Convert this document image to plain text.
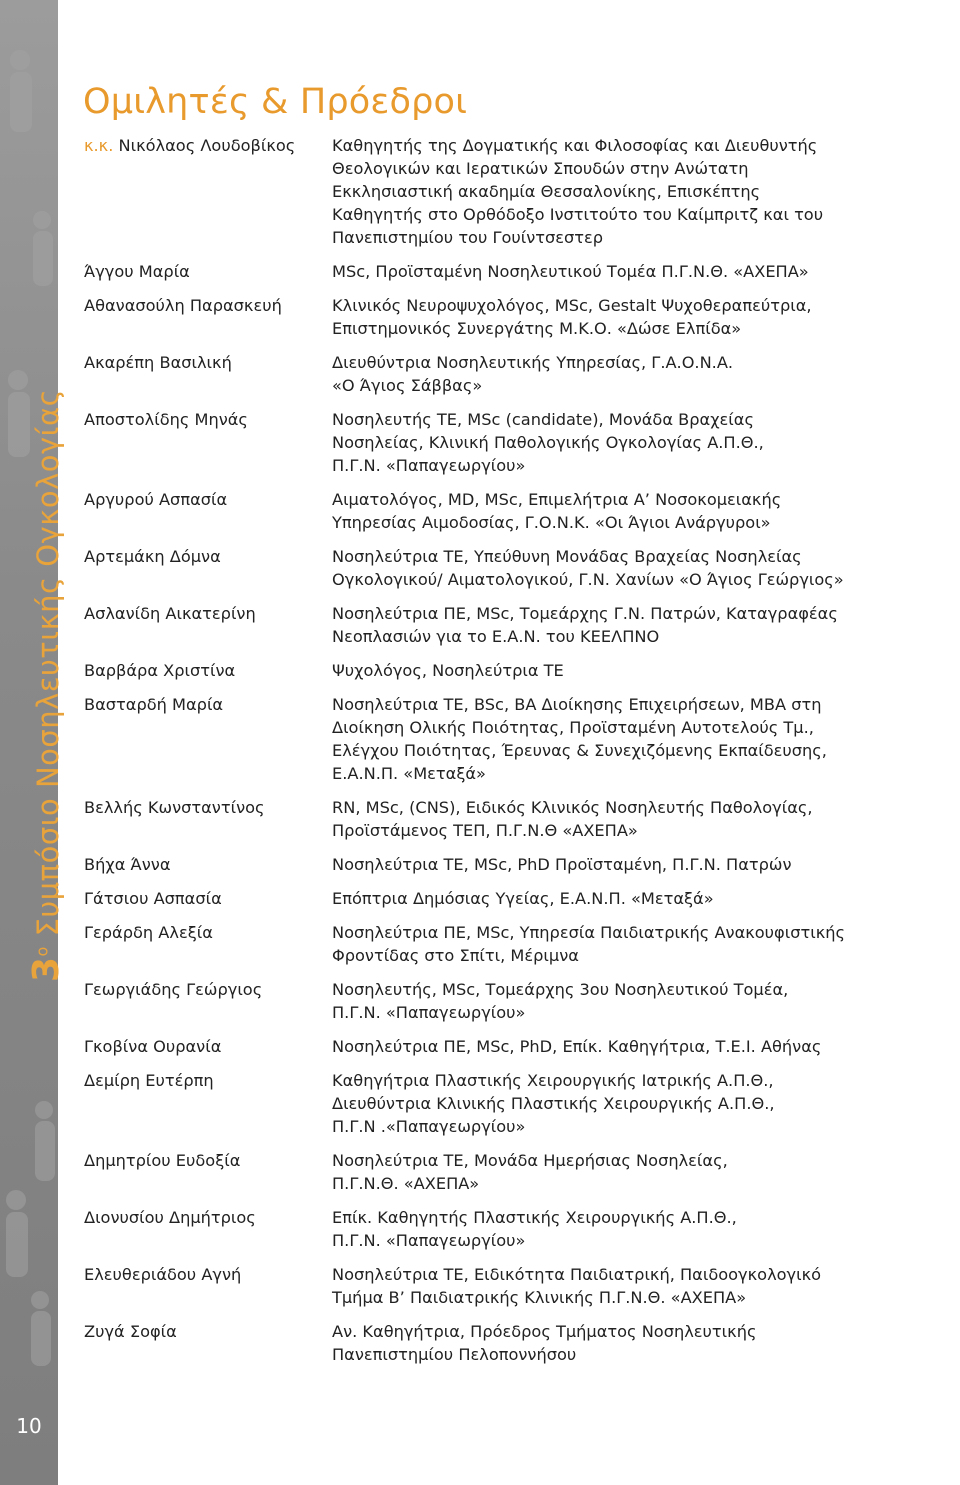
$3^o$ Συμπόσιο Νοσηλευτικής Ογκολογίας
10
Ομιλητές & Πρόεδροι
κ.κ. Νικόλαος Λουδοβίκος	Καθηγητής της Δογματικής και Φιλοσοφίας και Διευθυντής
Θεολογικών και Ιερατικών Σπουδών στην Ανώτατη
Εκκλησιαστική ακαδημία Θεσσαλονίκης, Επισκέπτης
Καθηγητής στο Ορθόδοξο Ινστιτούτο του Καίμπριτζ και του
Πανεπιστημίου του Γουίντσεστερ
Άγγου Μαρία	MSc, Προϊσταμένη Νοσηλευτικού Τομέα Π.Γ.Ν.Θ. «ΑΧΕΠΑ»
Αθανασούλη Παρασκευή	Κλινικός Νευροψυχολόγος, MSc, Gestalt Ψυχοθεραπεύτρια,
Επιστημονικός Συνεργάτης Μ.Κ.Ο. «Δώσε Ελπίδα»
Ακαρέπη Βασιλική	Διευθύντρια Νοσηλευτικής Υπηρεσίας, Γ.Α.Ο.Ν.Α.
«Ο Άγιος Σάββας»
Αποστολίδης Μηνάς	Νοσηλευτής ΤΕ, MSc (candidate), Μονάδα Βραχείας
Νοσηλείας, Κλινική Παθολογικής Ογκολογίας Α.Π.Θ.,
Π.Γ.Ν. «Παπαγεωργίου»
Αργυρού Ασπασία	Αιματολόγος, MD, MSc, Επιμελήτρια Α’ Νοσοκομειακής
Υπηρεσίας Αιμοδοσίας, Γ.Ο.Ν.Κ. «Οι Άγιοι Ανάργυροι»
Αρτεμάκη Δόμνα	Νοσηλεύτρια ΤΕ, Υπεύθυνη Μονάδας Βραχείας Νοσηλείας
Ογκολογικού/ Αιματολογικού, Γ.Ν. Χανίων «Ο Άγιος Γεώργιος»
Ασλανίδη Αικατερίνη	Νοσηλεύτρια ΠΕ, MSc, Τομεάρχης Γ.Ν. Πατρών, Καταγραφέας
Νεοπλασιών για το Ε.Α.Ν. του ΚΕΕΛΠΝΟ
Βαρβάρα Χριστίνα	Ψυχολόγος, Νοσηλεύτρια ΤΕ
Βασταρδή Μαρία	Νοσηλεύτρια ΤΕ, BSc, BA Διοίκησης Επιχειρήσεων, MBA στη
Διοίκηση Ολικής Ποιότητας, Προϊσταμένη Αυτοτελούς Τμ.,
Ελέγχου Ποιότητας, Έρευνας & Συνεχιζόμενης Εκπαίδευσης,
Ε.Α.Ν.Π. «Μεταξά»
Βελλής Κωνσταντίνος	RN, MSc, (CNS), Ειδικός Κλινικός Νοσηλευτής Παθολογίας,
Προϊστάμενος ΤΕΠ, Π.Γ.Ν.Θ «ΑΧΕΠΑ»
Βήχα Άννα	Νοσηλεύτρια ΤΕ, MSc, PhD Προϊσταμένη, Π.Γ.Ν. Πατρών
Γάτσιου Ασπασία	Επόπτρια Δημόσιας Υγείας, Ε.Α.Ν.Π. «Μεταξά»
Γεράρδη Αλεξία	Νοσηλεύτρια ΠΕ, MSc, Υπηρεσία Παιδιατρικής Ανακουφιστικής
Φροντίδας στο Σπίτι, Μέριμνα
Γεωργιάδης Γεώργιος	Νοσηλευτής, MSc, Τομεάρχης 3ου Νοσηλευτικού Τομέα,
Π.Γ.Ν. «Παπαγεωργίου»
Γκοβίνα Ουρανία	Νοσηλεύτρια ΠΕ, MSc, PhD, Επίκ. Καθηγήτρια, Τ.Ε.Ι. Αθήνας
Δεμίρη Ευτέρπη	Καθηγήτρια Πλαστικής Χειρουργικής Ιατρικής Α.Π.Θ.,
Διευθύντρια Κλινικής Πλαστικής Χειρουργικής Α.Π.Θ.,
Π.Γ.Ν .«Παπαγεωργίου»
Δημητρίου Ευδοξία	Νοσηλεύτρια ΤΕ, Μονάδα Ημερήσιας Νοσηλείας,
Π.Γ.Ν.Θ. «ΑΧΕΠΑ»
Διονυσίου Δημήτριος	Επίκ. Καθηγητής Πλαστικής Χειρουργικής Α.Π.Θ.,
Π.Γ.Ν. «Παπαγεωργίου»
Ελευθεριάδου Αγνή	Νοσηλεύτρια ΤΕ, Ειδικότητα Παιδιατρική, Παιδοογκολογικό
Τμήμα Β’ Παιδιατρικής Κλινικής Π.Γ.Ν.Θ. «ΑΧΕΠΑ»
Ζυγά Σοφία	Αν. Καθηγήτρια, Πρόεδρος Τμήματος Νοσηλευτικής
Πανεπιστημίου Πελοποννήσου
